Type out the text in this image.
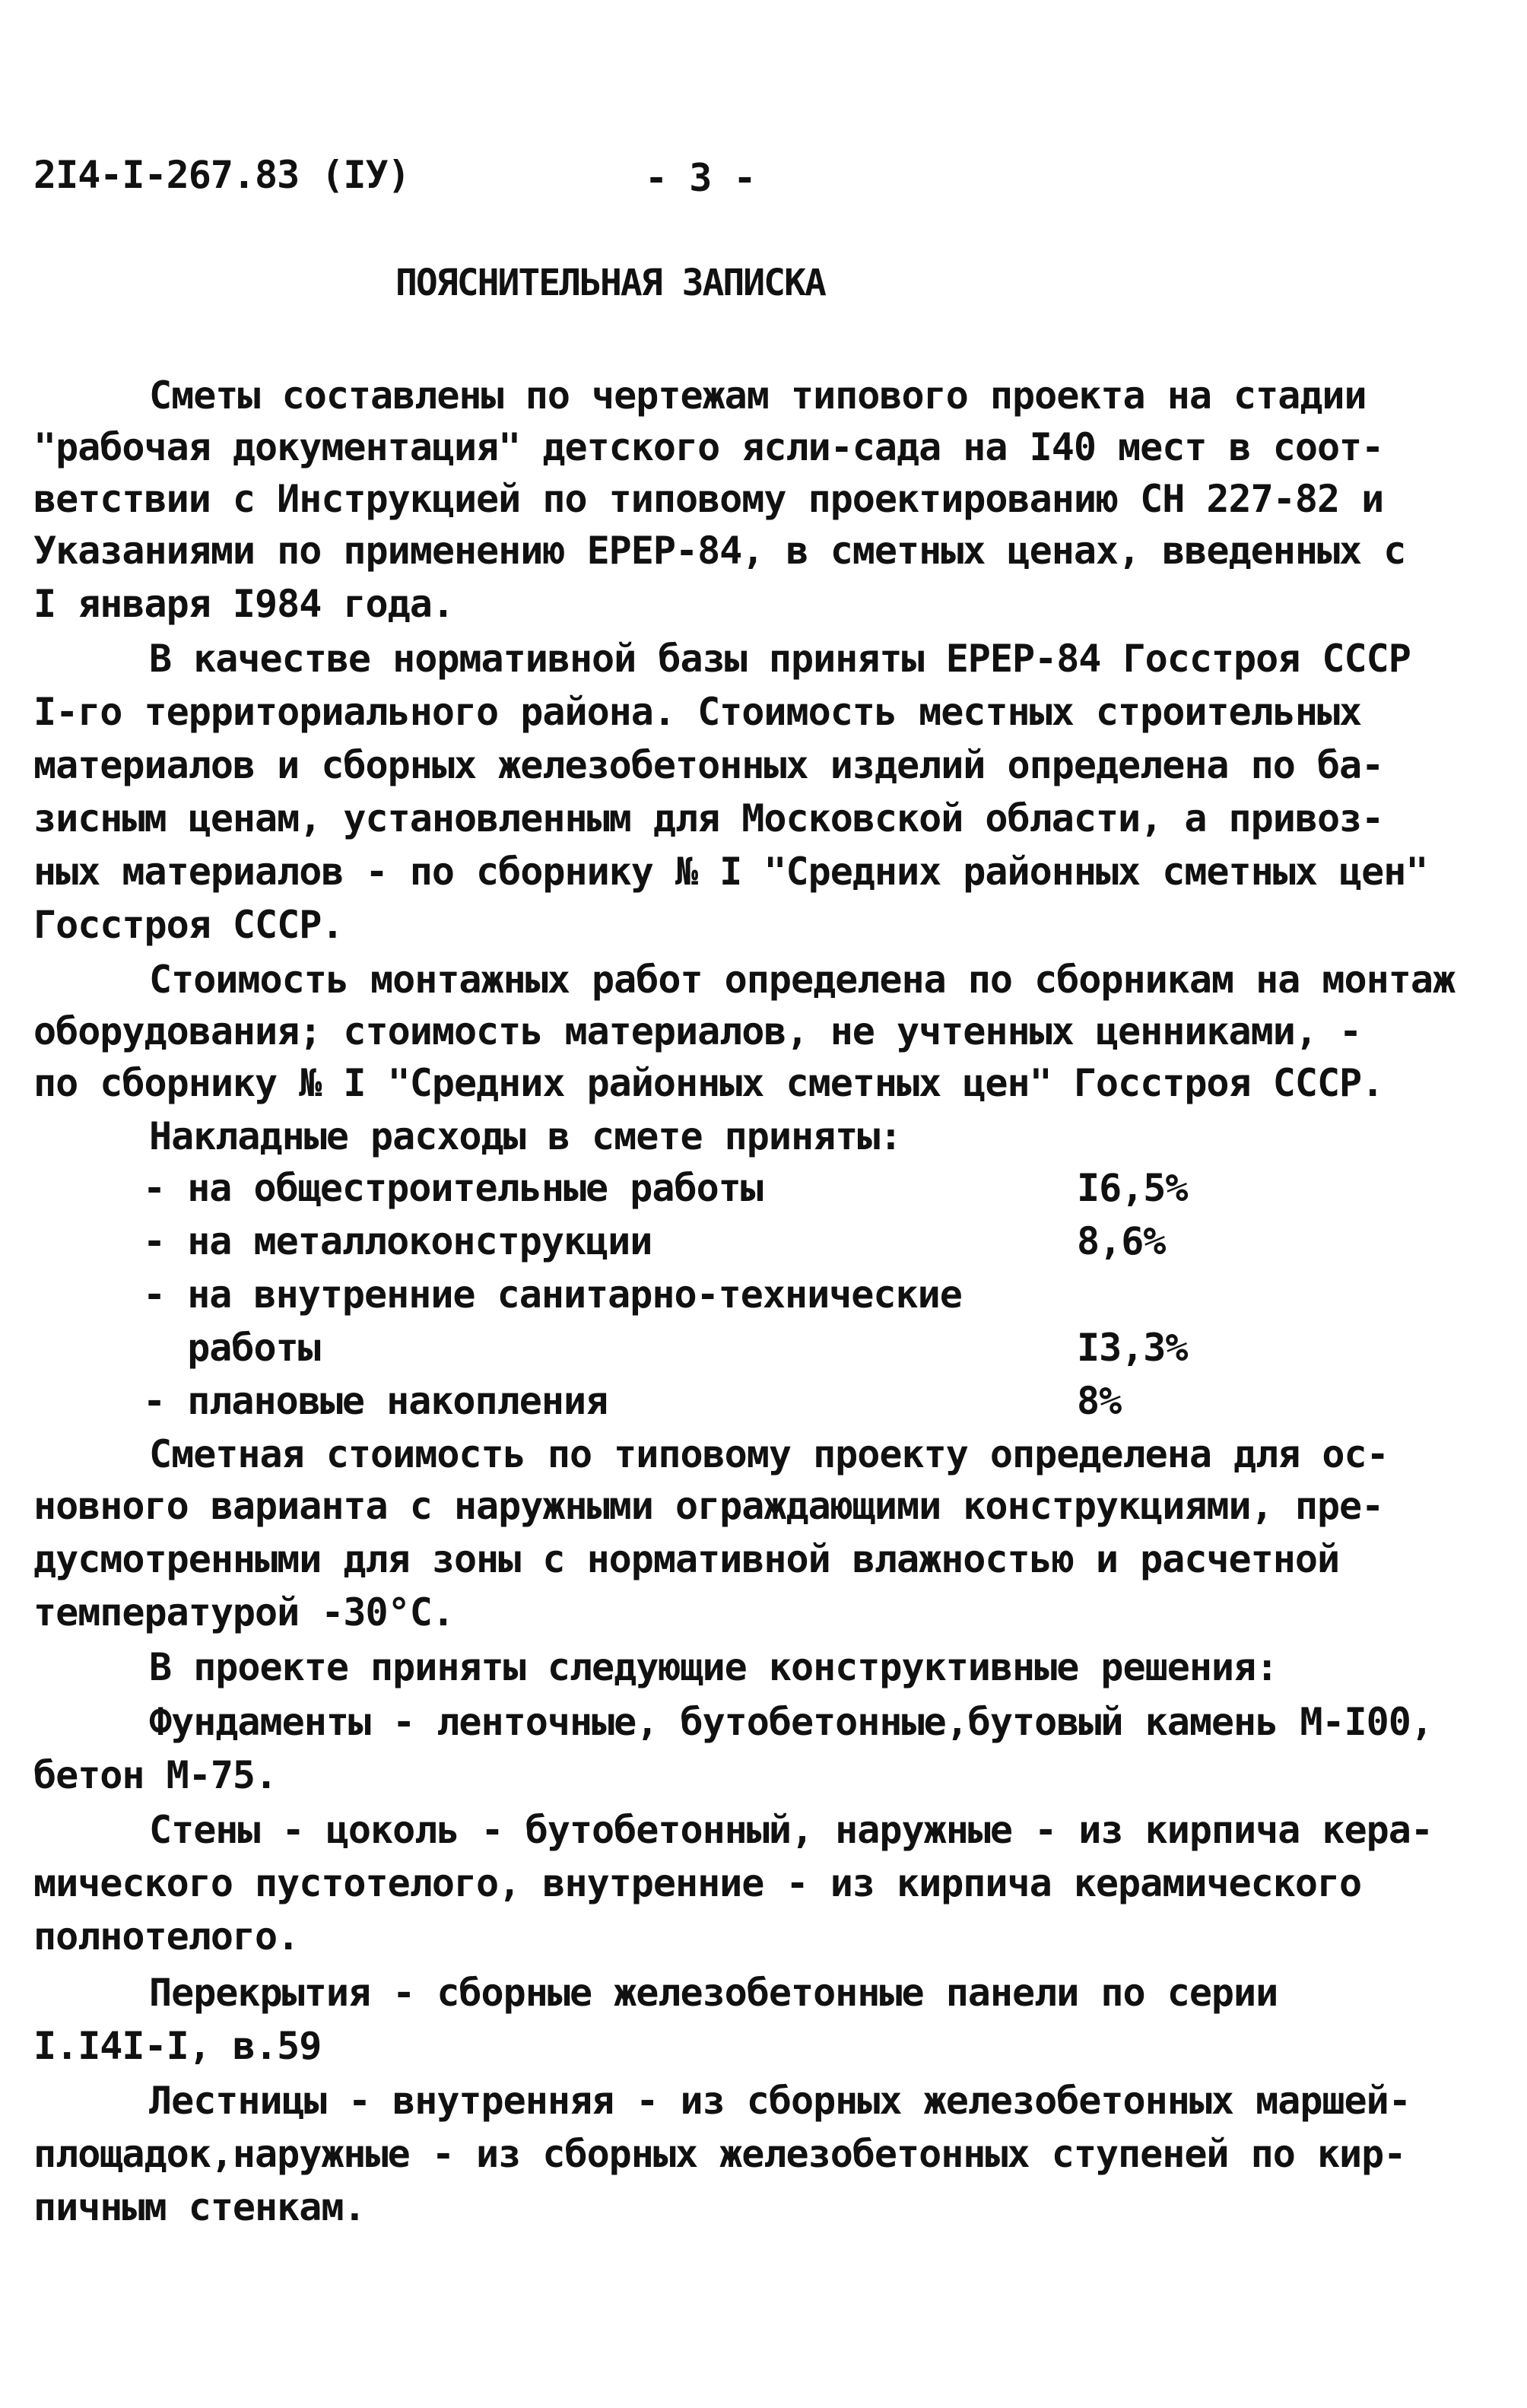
2I4-I-267.83 (IУ)	- 3 -
ПОЯСНИТЕЛЬНАЯ ЗАПИСКА
Сметы составлены по чертежам типового проекта на стадии
"рабочая документация" детского ясли-сада на I40 мест в соот-
ветствии с Инструкцией по типовому проектированию СН 227-82 и
Указаниями по применению ЕРЕР-84, в сметных ценах, введенных с
I января I984 года.
В качестве нормативной базы приняты ЕРЕР-84 Госстроя СССР
I-го территориального района. Стоимость местных строительных
материалов и сборных железобетонных изделий определена по ба-
зисным ценам, установленным для Московской области, а привоз-
ных материалов - по сборнику № I "Средних районных сметных цен"
Госстроя СССР.
Стоимость монтажных работ определена по сборникам на монтаж
оборудования; стоимость материалов, не учтенных ценниками, -
по сборнику № I "Средних районных сметных цен" Госстроя СССР.
Накладные расходы в смете приняты:
- на общестроительные работы	I6,5%
- на металлоконструкции	8,6%
- на внутренние санитарно-технические
работы	I3,3%
- плановые накопления	8%
Сметная стоимость по типовому проекту определена для ос-
новного варианта с наружными ограждающими конструкциями, пре-
дусмотренными для зоны с нормативной влажностью и расчетной
температурой -30°С.
В проекте приняты следующие конструктивные решения:
Фундаменты - ленточные, бутобетонные,бутовый камень М-I00,
бетон М-75.
Стены - цоколь - бутобетонный, наружные - из кирпича кера-
мического пустотелого, внутренние - из кирпича керамического
полнотелого.
Перекрытия - сборные железобетонные панели по серии
I.I4I-I, в.59
Лестницы - внутренняя - из сборных железобетонных маршей-
площадок,наружные - из сборных железобетонных ступеней по кир-
пичным стенкам.
